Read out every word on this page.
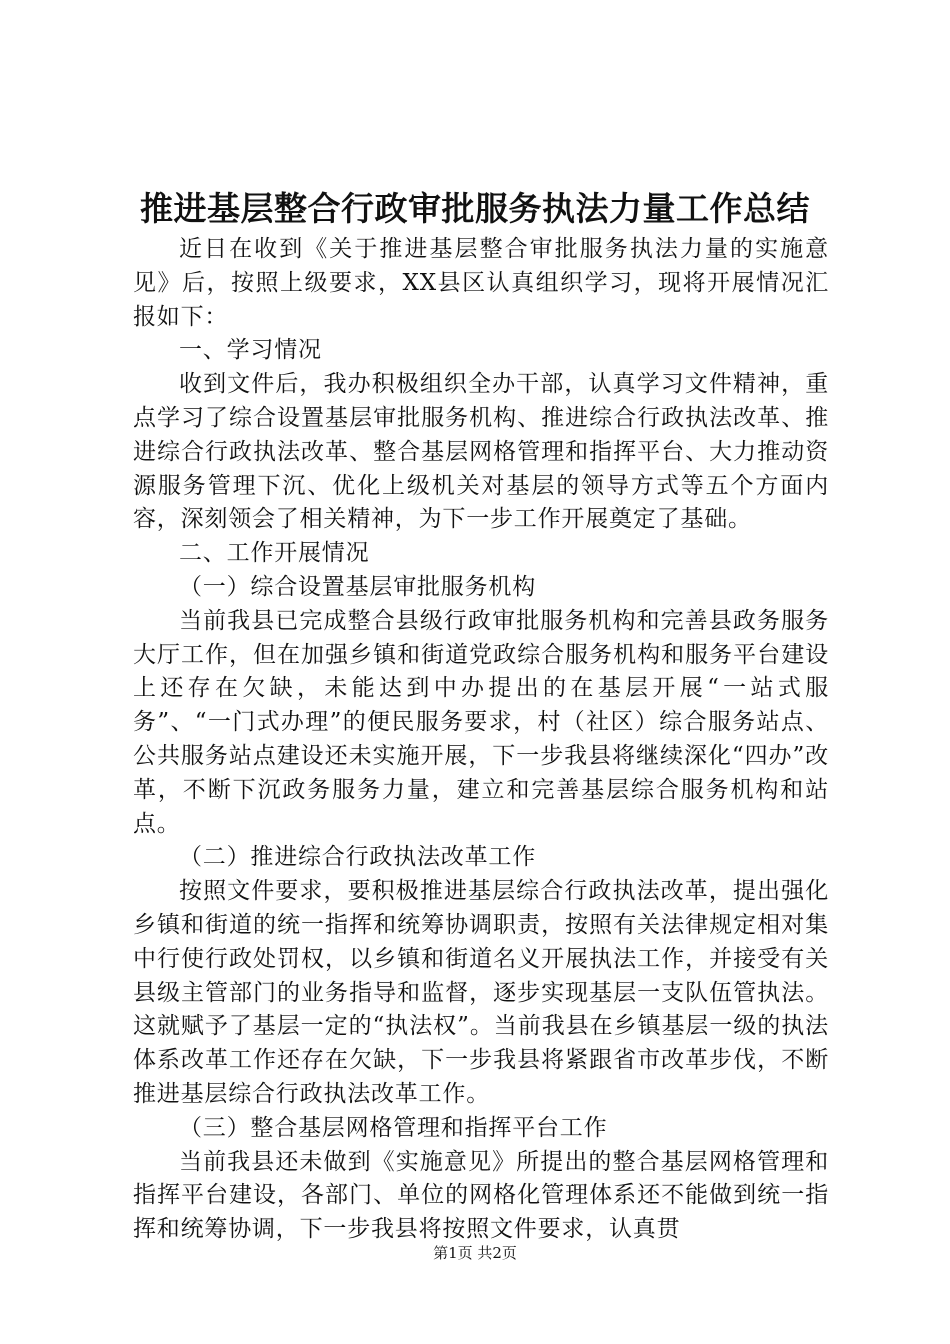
推进基层整合行政审批服务执法力量工作总结

近日在收到《关于推进基层整合审批服务执法力量的实施意见》后，按照上级要求，XX县区认真组织学习，现将开展情况汇报如下：

一、学习情况

收到文件后，我办积极组织全办干部，认真学习文件精神，重点学习了综合设置基层审批服务机构、推进综合行政执法改革、推进综合行政执法改革、整合基层网格管理和指挥平台、大力推动资源服务管理下沉、优化上级机关对基层的领导方式等五个方面内容，深刻领会了相关精神，为下一步工作开展奠定了基础。

二、工作开展情况

（一）综合设置基层审批服务机构

当前我县已完成整合县级行政审批服务机构和完善县政务服务大厅工作，但在加强乡镇和街道党政综合服务机构和服务平台建设上还存在欠缺，未能达到中办提出的在基层开展“一站式服务”、“一门式办理”的便民服务要求，村（社区）综合服务站点、公共服务站点建设还未实施开展，下一步我县将继续深化“四办”改革，不断下沉政务服务力量，建立和完善基层综合服务机构和站点。

（二）推进综合行政执法改革工作

按照文件要求，要积极推进基层综合行政执法改革，提出强化乡镇和街道的统一指挥和统筹协调职责，按照有关法律规定相对集中行使行政处罚权，以乡镇和街道名义开展执法工作，并接受有关县级主管部门的业务指导和监督，逐步实现基层一支队伍管执法。这就赋予了基层一定的“执法权”。当前我县在乡镇基层一级的执法体系改革工作还存在欠缺，下一步我县将紧跟省市改革步伐，不断推进基层综合行政执法改革工作。

（三）整合基层网格管理和指挥平台工作

当前我县还未做到《实施意见》所提出的整合基层网格管理和指挥平台建设，各部门、单位的网格化管理体系还不能做到统一指挥和统筹协调，下一步我县将按照文件要求，认真贯

第1页 共2页
